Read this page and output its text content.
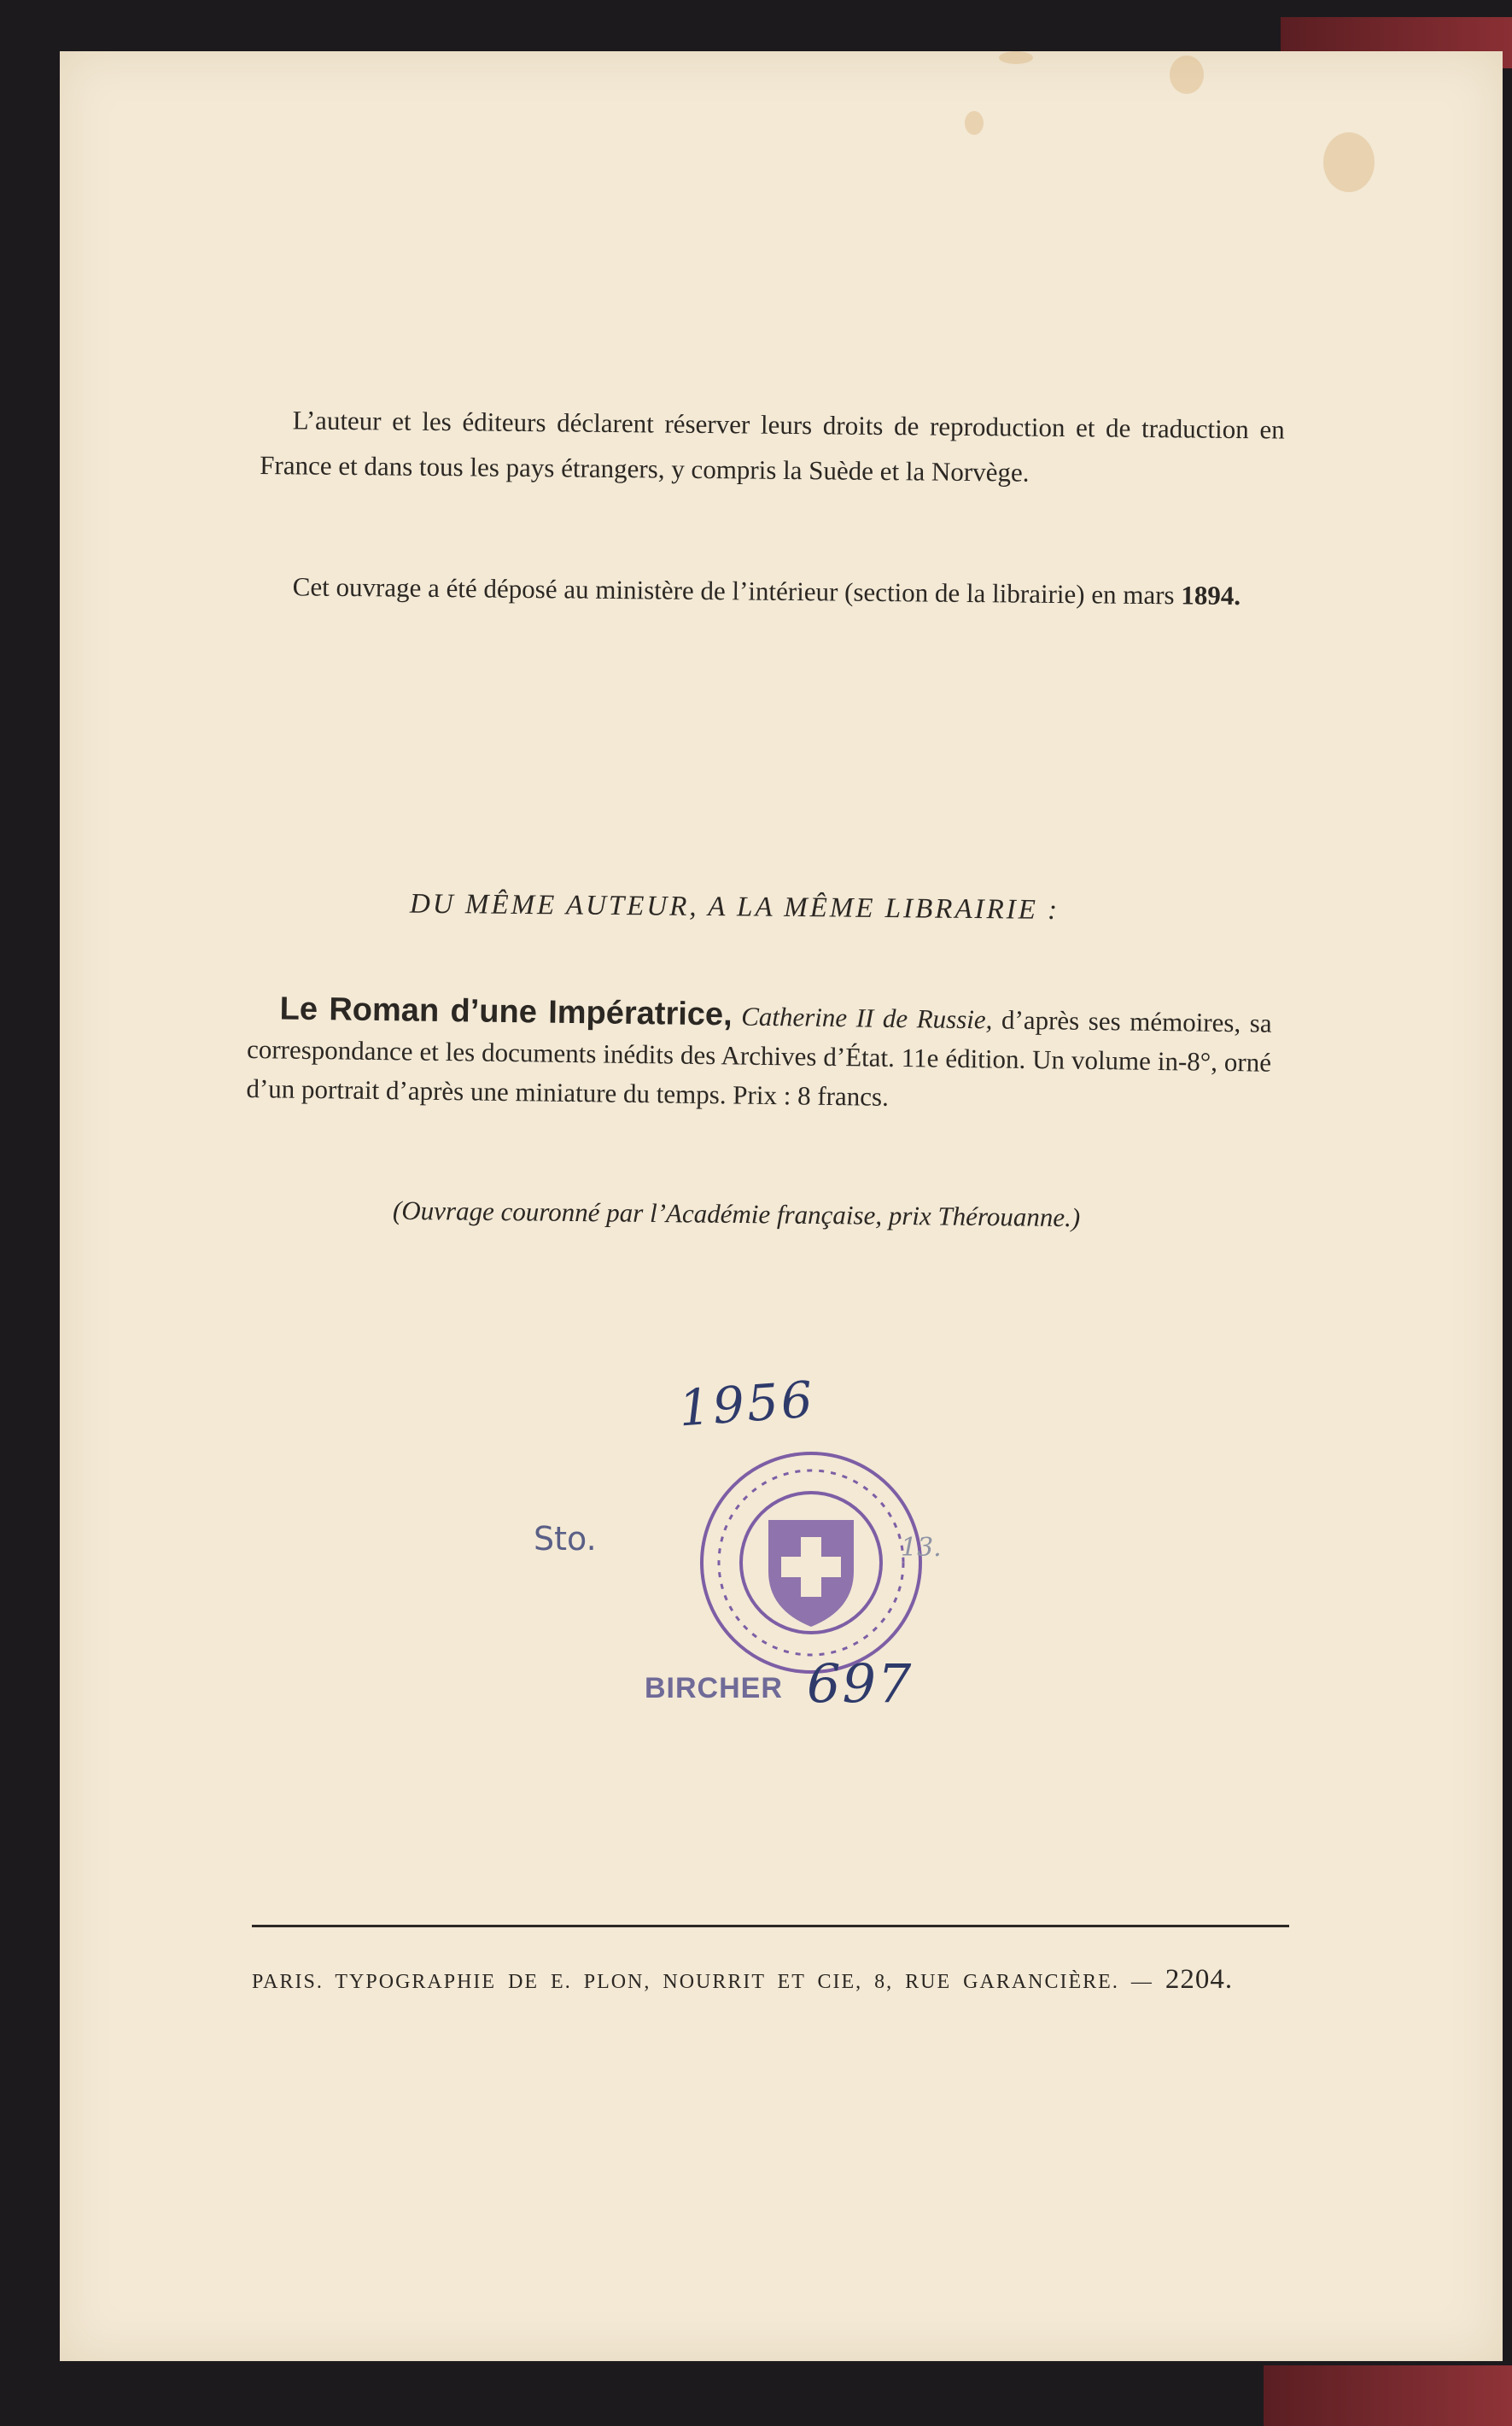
L’auteur et les éditeurs déclarent réserver leurs droits de reproduction et de traduction en France et dans tous les pays étrangers, y compris la Suède et la Norvège.

Cet ouvrage a été déposé au ministère de l’intérieur (section de la librairie) en mars 1894.

DU MÊME AUTEUR, A LA MÊME LIBRAIRIE :

Le Roman d’une Impératrice, Catherine II de Russie, d’après ses mémoires, sa correspondance et les documents inédits des Archives d’État. 11e édition. Un volume in-8°, orné d’un portrait d’après une miniature du temps. Prix : 8 francs.

(Ouvrage couronné par l’Académie française, prix Thérouanne.)

1956
Sto.	13.
BIRCHER 697

PARIS. TYPOGRAPHIE DE E. PLON, NOURRIT ET CIE, 8, RUE GARANCIÈRE. — 2204.
